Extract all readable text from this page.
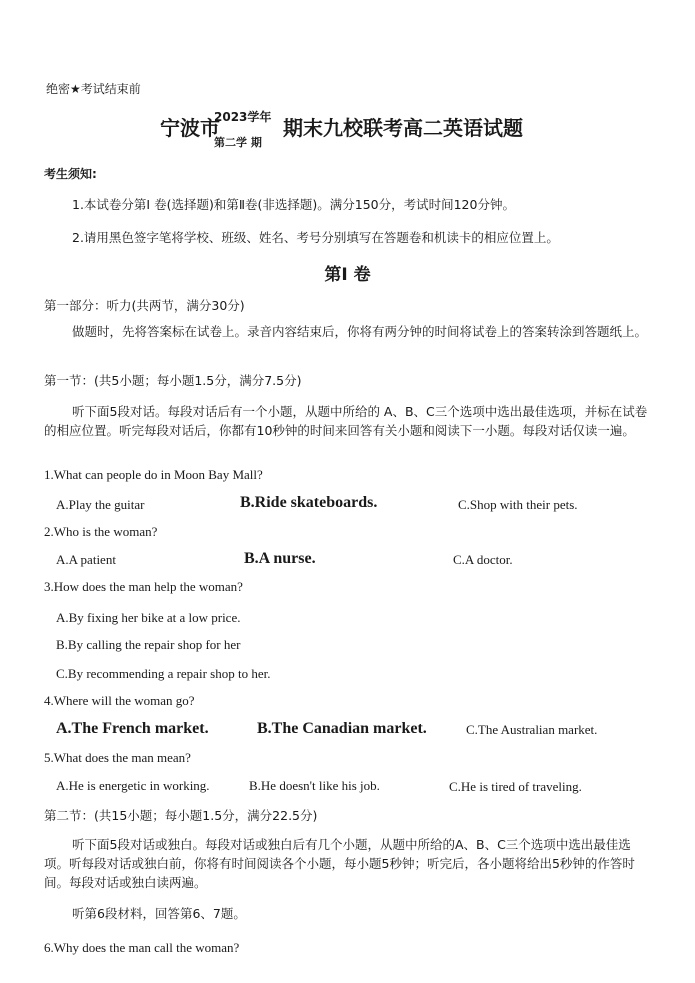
绝密★考试结束前
宁波市
2023学年
第二学 期
期末九校联考高二英语试题
考生须知:
1.本试卷分第I 卷(选择题)和第Ⅱ卷(非选择题)。满分150分，考试时间120分钟。
2.请用黑色签字笔将学校、班级、姓名、考号分别填写在答题卷和机读卡的相应位置上。
第I 卷
第一部分：听力(共两节，满分30分)
做题时，先将答案标在试卷上。录音内容结束后，你将有两分钟的时间将试卷上的答案转涂到答题纸上。
第一节：(共5小题；每小题1.5分，满分7.5分)
听下面5段对话。每段对话后有一个小题，从题中所给的 A、B、C三个选项中选出最佳选项，并标在试卷的相应位置。听完每段对话后，你都有10秒钟的时间来回答有关小题和阅读下一小题。每段对话仅读一遍。
1.What can people do in Moon Bay Mall?
A.Play the guitar	B.Ride skateboards.	C.Shop with their pets.
2.Who is the woman?
A.A patient	B.A nurse.	C.A doctor.
3.How does the man help the woman?
A.By fixing her bike at a low price.
B.By calling the repair shop for her
C.By recommending a repair shop to her.
4.Where will the woman go?
A.The French market.	B.The Canadian market.	C.The Australian market.
5.What does the man mean?
A.He is energetic in working.	B.He doesn't like his job.	C.He is tired of traveling.
第二节：(共15小题；每小题1.5分，满分22.5分)
听下面5段对话或独白。每段对话或独白后有几个小题，从题中所给的A、B、C三个选项中选出最佳选项。听每段对话或独白前，你将有时间阅读各个小题，每小题5秒钟；听完后，各小题将给出5秒钟的作答时间。每段对话或独白读两遍。
听第6段材料，回答第6、7题。
6.Why does the man call the woman?
